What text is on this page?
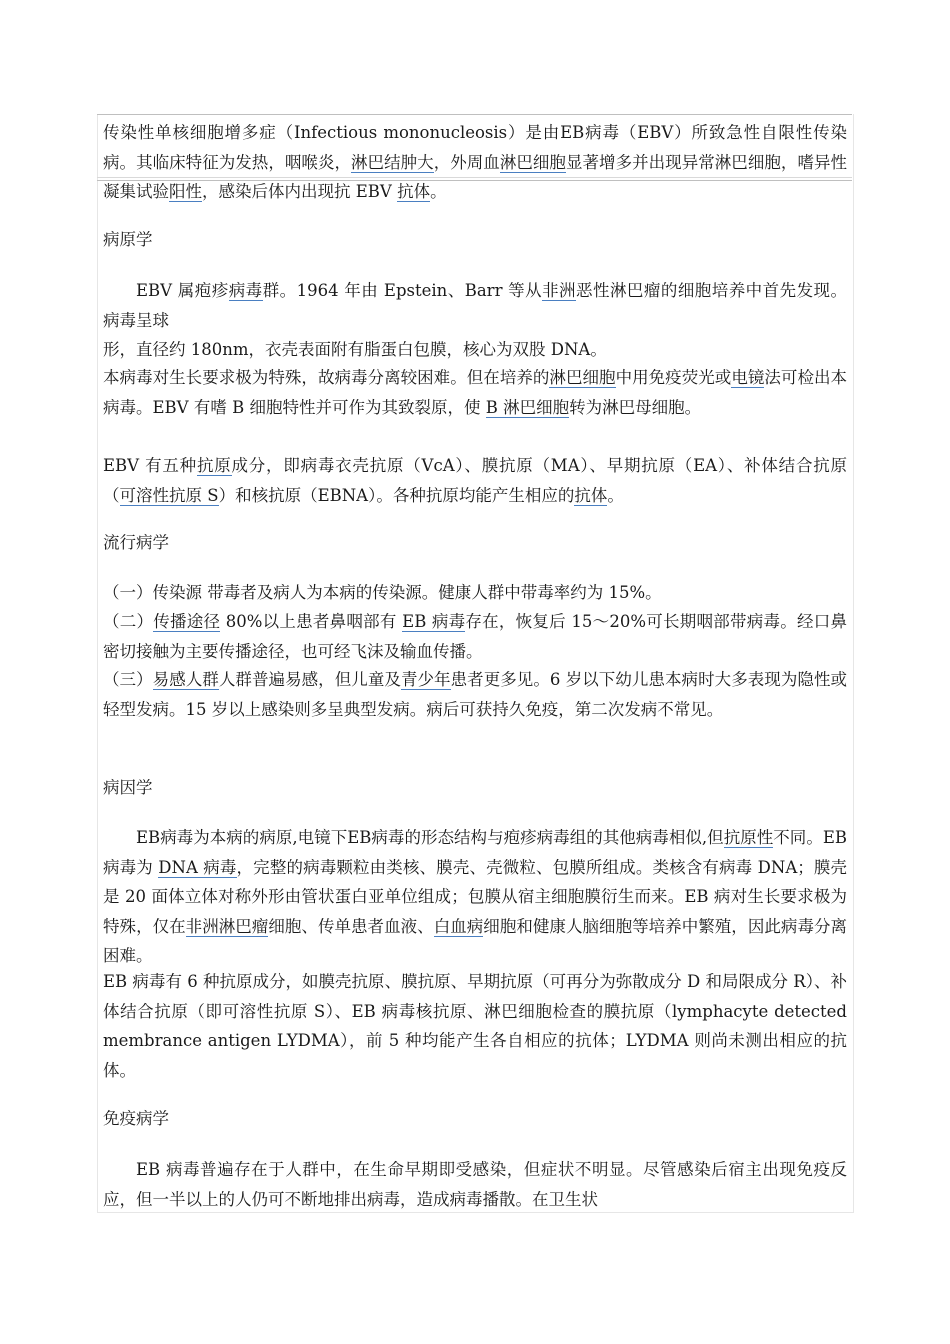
传染性单核细胞增多症（Infectious mononucleosis）是由EB病毒（EBV）所致急性自限性传染病。其临床特征为发热，咽喉炎，淋巴结肿大，外周血淋巴细胞显著增多并出现异常淋巴细胞，嗜异性凝集试验阳性，感染后体内出现抗 EBV 抗体。

病原学

EBV 属疱疹病毒群。1964 年由 Epstein、Barr 等从非洲恶性淋巴瘤的细胞培养中首先发现。病毒呈球

形，直径约 180nm，衣壳表面附有脂蛋白包膜，核心为双股 DNA。

本病毒对生长要求极为特殊，故病毒分离较困难。但在培养的淋巴细胞中用免疫荧光或电镜法可检出本病毒。EBV 有嗜 B 细胞特性并可作为其致裂原，使 B 淋巴细胞转为淋巴母细胞。

EBV 有五种抗原成分，即病毒衣壳抗原（VcA）、膜抗原（MA）、早期抗原（EA）、补体结合抗原（可溶性抗原 S）和核抗原（EBNA）。各种抗原均能产生相应的抗体。

流行病学

（一）传染源 带毒者及病人为本病的传染源。健康人群中带毒率约为 15%。

（二）传播途径 80%以上患者鼻咽部有 EB 病毒存在，恢复后 15～20%可长期咽部带病毒。经口鼻密切接触为主要传播途径，也可经飞沫及输血传播。

（三）易感人群人群普遍易感，但儿童及青少年患者更多见。6 岁以下幼儿患本病时大多表现为隐性或轻型发病。15 岁以上感染则多呈典型发病。病后可获持久免疫，第二次发病不常见。

病因学

EB病毒为本病的病原,电镜下EB病毒的形态结构与疱疹病毒组的其他病毒相似,但抗原性不同。EB 病毒为 DNA 病毒，完整的病毒颗粒由类核、膜壳、壳微粒、包膜所组成。类核含有病毒 DNA；膜壳是 20 面体立体对称外形由管状蛋白亚单位组成；包膜从宿主细胞膜衍生而来。EB 病对生长要求极为特殊，仅在非洲淋巴瘤细胞、传单患者血液、白血病细胞和健康人脑细胞等培养中繁殖，因此病毒分离困难。

EB 病毒有 6 种抗原成分，如膜壳抗原、膜抗原、早期抗原（可再分为弥散成分 D 和局限成分 R）、补体结合抗原（即可溶性抗原 S）、EB 病毒核抗原、淋巴细胞检查的膜抗原（lymphacyte detected membrance antigen LYDMA），前 5 种均能产生各自相应的抗体；LYDMA 则尚未测出相应的抗体。

免疫病学

EB 病毒普遍存在于人群中，在生命早期即受感染，但症状不明显。尽管感染后宿主出现免疫反应，但一半以上的人仍可不断地排出病毒，造成病毒播散。在卫生状
